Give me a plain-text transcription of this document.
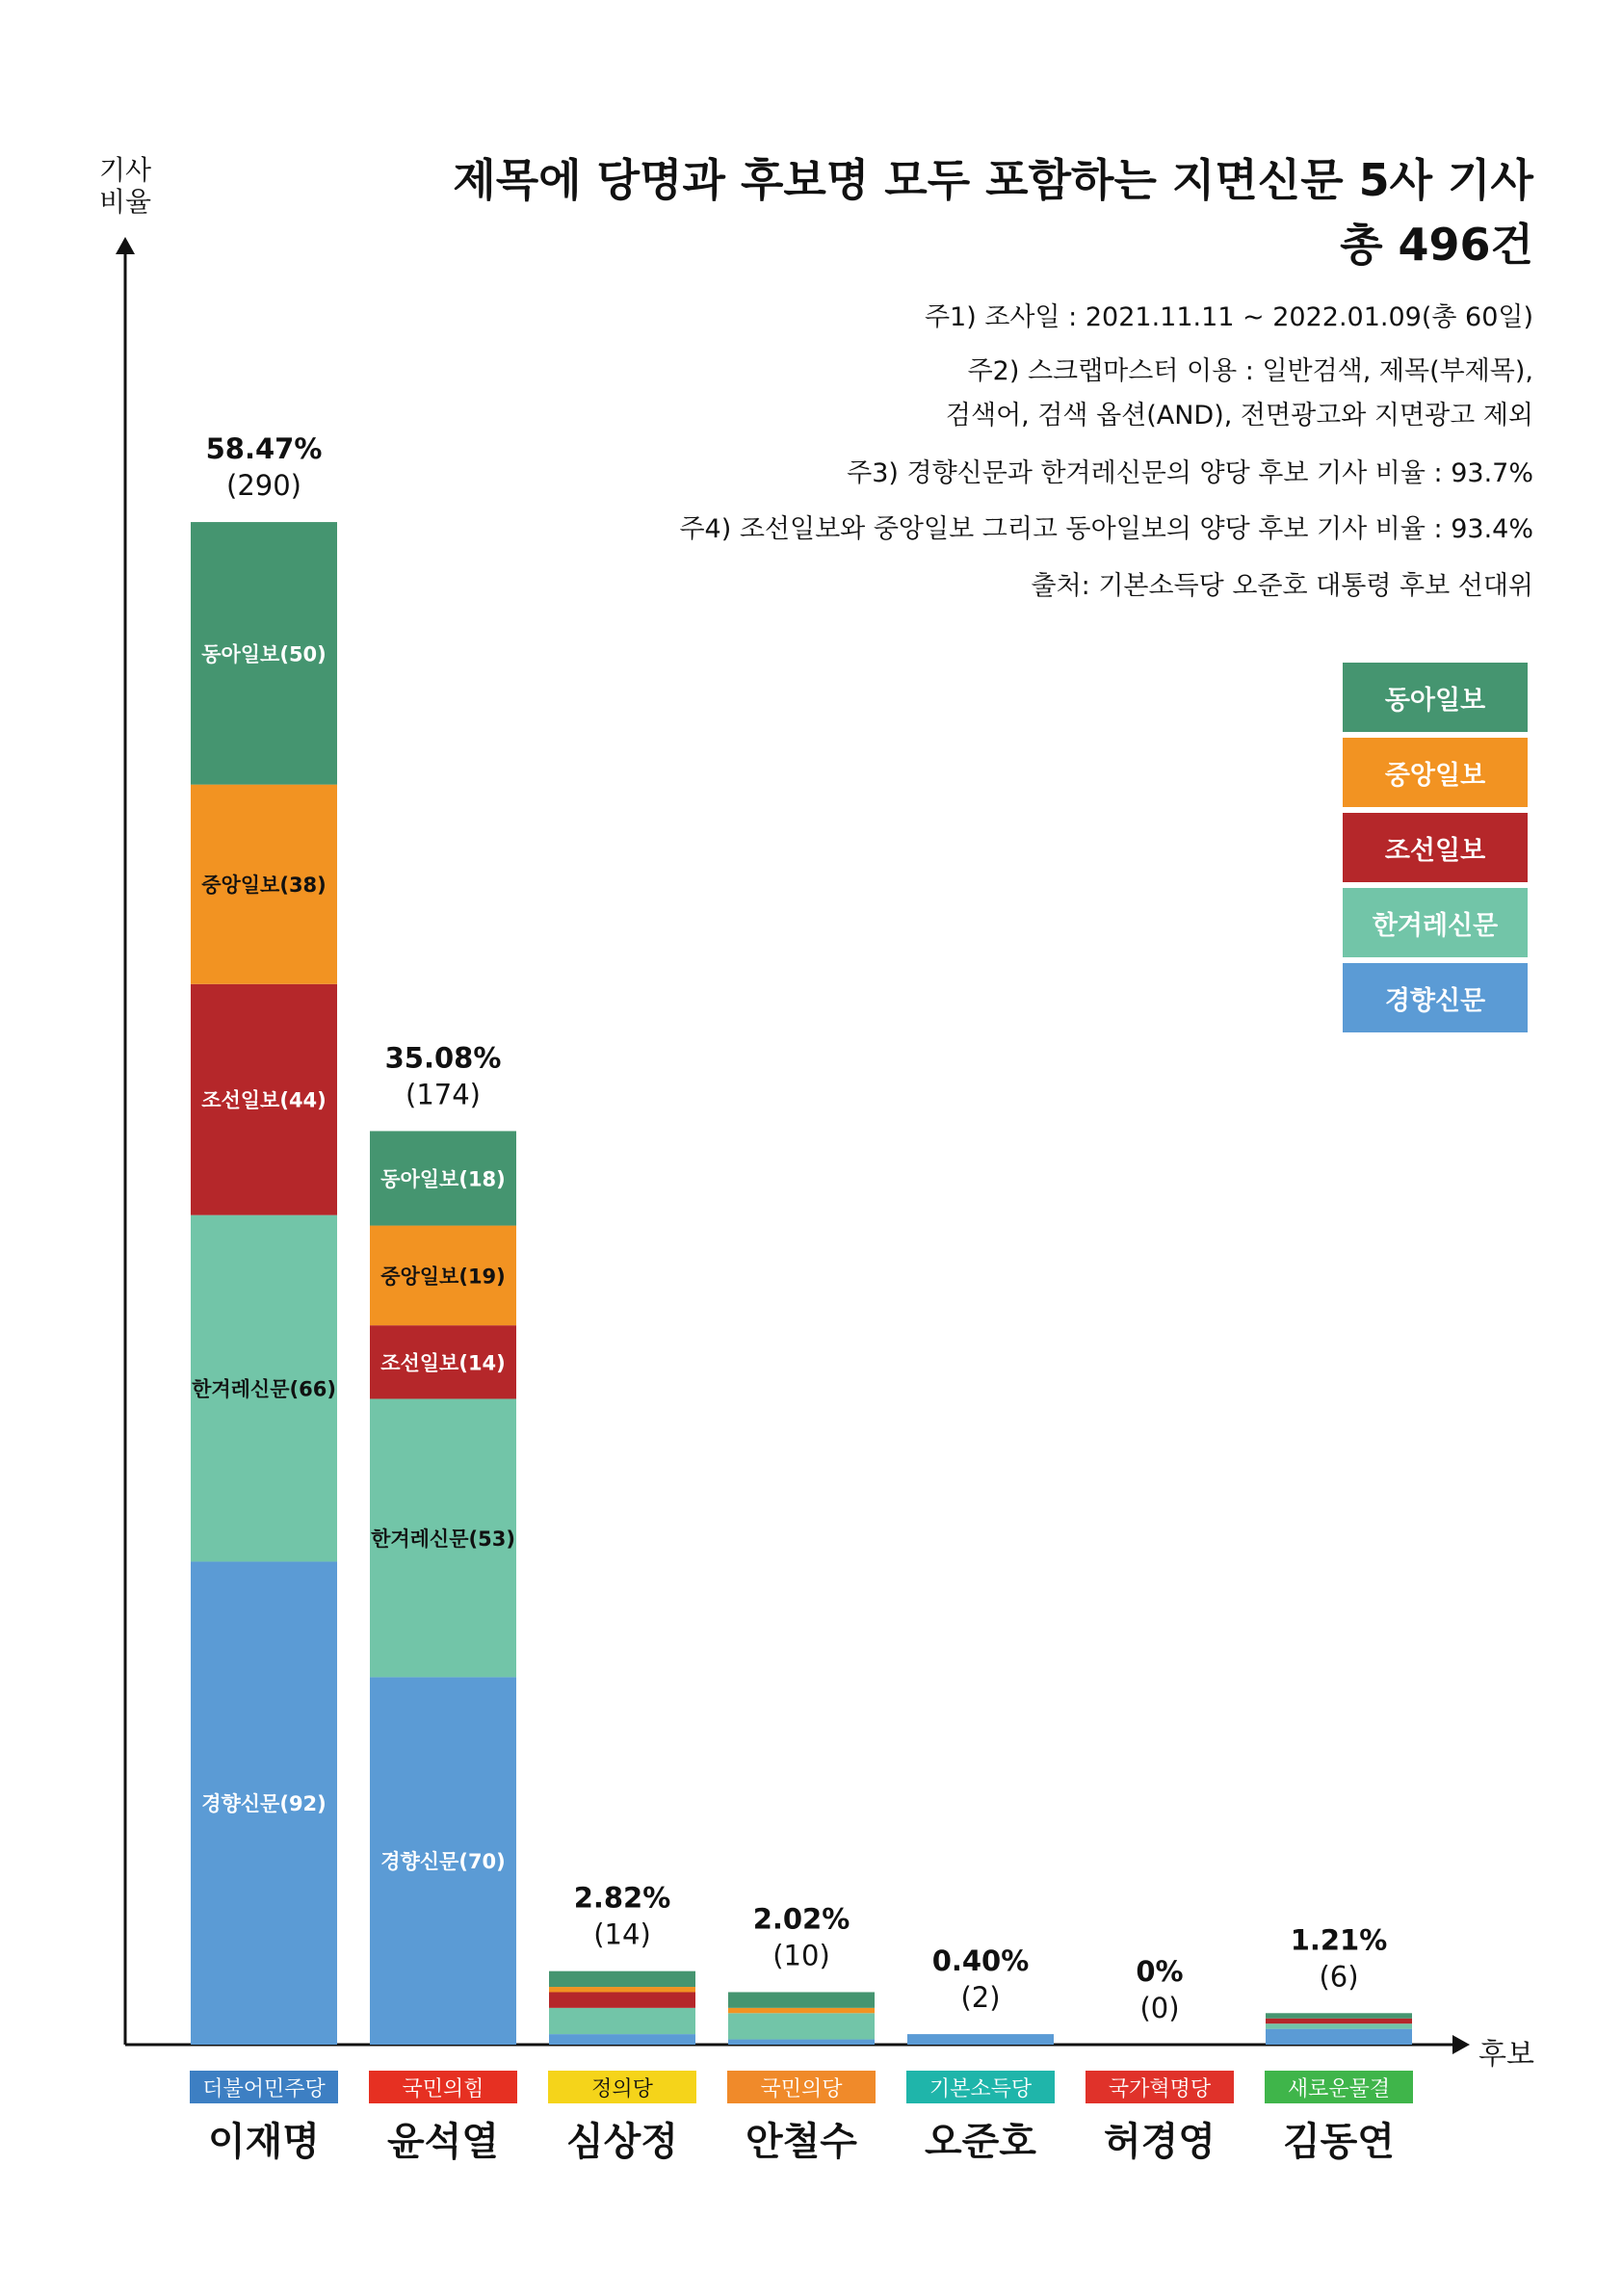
경향신문(92)
한겨레신문(66)
조선일보(44)
중앙일보(38)
동아일보(50)
58.47%
(290)
경향신문(70)
한겨레신문(53)
조선일보(14)
중앙일보(19)
동아일보(18)
35.08%
(174)
2.82%
(14)	2.02%
(10)	0.40%
(2)
0%
(0)
1.21%
(6)
제목에 당명과 후보명 모두 포함하는 지면신문 5사 기사
총 496건
주1) 조사일 : 2021.11.11 ~ 2022.01.09(총 60일)
주2) 스크랩마스터 이용 : 일반검색, 제목(부제목),
검색어, 검색 옵션(AND), 전면광고와 지면광고 제외
주3) 경향신문과 한겨레신문의 양당 후보 기사 비율 : 93.7%
주4) 조선일보와 중앙일보 그리고 동아일보의 양당 후보 기사 비율 : 93.4%
출처: 기본소득당 오준호 대통령 후보 선대위
기사
비율
후보
동아일보
중앙일보
조선일보
한겨레신문
경향신문
더불어민주당
이재명
국민의힘
윤석열
정의당
심상정
국민의당
안철수
기본소득당
오준호
국가혁명당
허경영
새로운물결
김동연
